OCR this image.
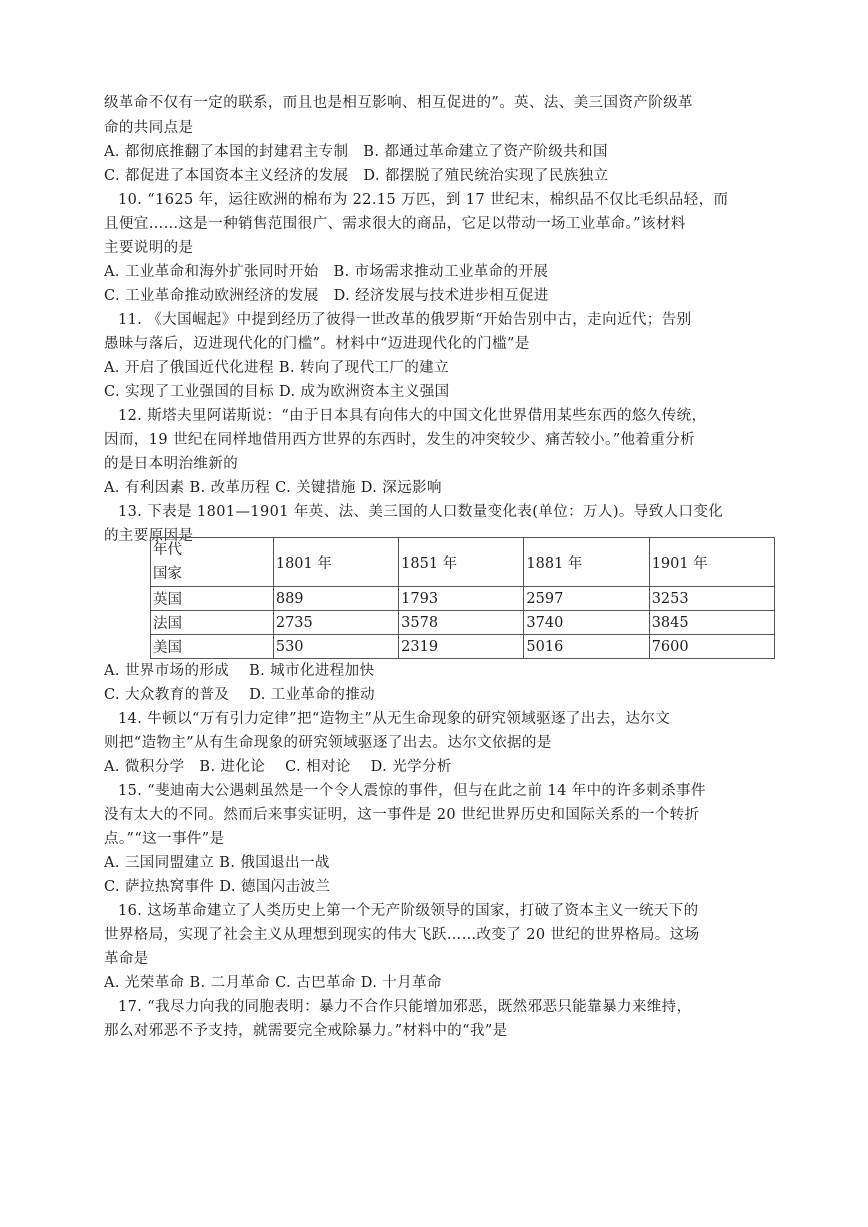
级革命不仅有一定的联系，而且也是相互影响、相互促进的”。英、法、美三国资产阶级革
命的共同点是
A. 都彻底推翻了本国的封建君主专制　B. 都通过革命建立了资产阶级共和国
C. 都促进了本国资本主义经济的发展　D. 都摆脱了殖民统治实现了民族独立
10. “1625 年，运往欧洲的棉布为 22.15 万匹，到 17 世纪末，棉织品不仅比毛织品轻，而
且便宜……这是一种销售范围很广、需求很大的商品，它足以带动一场工业革命。”该材料
主要说明的是
A. 工业革命和海外扩张同时开始　B. 市场需求推动工业革命的开展
C. 工业革命推动欧洲经济的发展　D. 经济发展与技术进步相互促进
11. 《大国崛起》中提到经历了彼得一世改革的俄罗斯“开始告别中古，走向近代；告别
愚昧与落后，迈进现代化的门槛”。材料中“迈进现代化的门槛”是
A. 开启了俄国近代化进程 B. 转向了现代工厂的建立
C. 实现了工业强国的目标 D. 成为欧洲资本主义强国
12. 斯塔夫里阿诺斯说：“由于日本具有向伟大的中国文化世界借用某些东西的悠久传统，
因而，19 世纪在同样地借用西方世界的东西时，发生的冲突较少、痛苦较小。”他着重分析
的是日本明治维新的
A. 有利因素 B. 改革历程 C. 关键措施 D. 深远影响
13. 下表是 1801—1901 年英、法、美三国的人口数量变化表(单位：万人)。导致人口变化
的主要原因是
年代
国家	1801 年	1851 年	1881 年	1901 年
英国	889	1793	2597	3253
法国	2735	3578	3740	3845
美国	530	2319	5016	7600
A. 世界市场的形成　 B. 城市化进程加快
C. 大众教育的普及　 D. 工业革命的推动
14. 牛顿以“万有引力定律”把“造物主”从无生命现象的研究领域驱逐了出去，达尔文
则把“造物主”从有生命现象的研究领域驱逐了出去。达尔文依据的是
A. 微积分学　B. 进化论　 C. 相对论　 D. 光学分析
15. “斐迪南大公遇刺虽然是一个令人震惊的事件，但与在此之前 14 年中的许多刺杀事件
没有太大的不同。然而后来事实证明，这一事件是 20 世纪世界历史和国际关系的一个转折
点。”“这一事件”是
A. 三国同盟建立 B. 俄国退出一战
C. 萨拉热窝事件 D. 德国闪击波兰
16. 这场革命建立了人类历史上第一个无产阶级领导的国家，打破了资本主义一统天下的
世界格局，实现了社会主义从理想到现实的伟大飞跃……改变了 20 世纪的世界格局。这场
革命是
A. 光荣革命 B. 二月革命 C. 古巴革命 D. 十月革命
17. “我尽力向我的同胞表明：暴力不合作只能增加邪恶，既然邪恶只能靠暴力来维持，
那么对邪恶不予支持，就需要完全戒除暴力。”材料中的“我”是
